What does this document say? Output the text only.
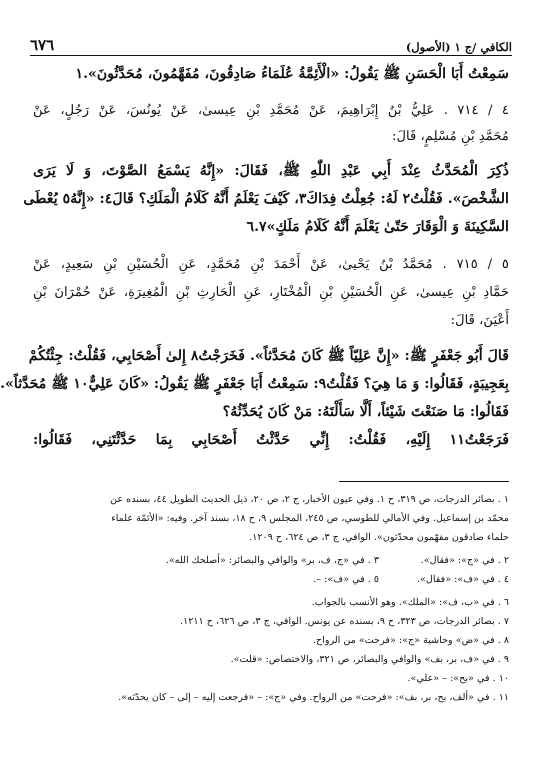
٦٧٦	الكافي /ج ١ (الأصول)
سَمِعْتُ أَبَا الْحَسَنِ ﷺ يَقُولُ: «الْأَئِمَّةُ عُلَمَاءُ صَادِقُونَ، مُفَهَّمُونَ، مُحَدَّثُونَ».١
٤ / ٧١٤ . عَلِيُّ بْنُ إِبْرَاهِيمَ، عَنْ مُحَمَّدِ بْنِ عِيسىٰ، عَنْ يُونُسَ، عَنْ رَجُلٍ، عَنْ
مُحَمَّدِ بْنِ مُسْلِمٍ، قَالَ:
ذُكِرَ الْمُحَدَّثُ عِنْدَ أَبِي عَبْدِ اللّٰهِ ﷺ، فَقَالَ: «إِنَّهُ يَسْمَعُ الصَّوْتَ، وَ لَا يَرَى
الشَّخْصَ». فَقُلْتُ٢ لَهُ: جُعِلْتُ فِدَاكَ٣، كَيْفَ يَعْلَمُ أَنَّهُ كَلَامُ الْمَلَكِ؟ قَالَ٤: «إِنَّهُ٥ يُعْطَى
السَّكِينَةَ وَ الْوَقَارَ حَتّىٰ يَعْلَمَ أَنَّهُ كَلَامُ مَلَكٍ»٦.٧
٥ / ٧١٥ . مُحَمَّدُ بْنُ يَحْيىٰ، عَنْ أَحْمَدَ بْنِ مُحَمَّدٍ، عَنِ الْحُسَيْنِ بْنِ سَعِيدٍ، عَنْ
حَمَّادِ بْنِ عِيسىٰ، عَنِ الْحُسَيْنِ بْنِ الْمُخْتَارِ، عَنِ الْحَارِثِ بْنِ الْمُغِيرَةِ، عَنْ حُمْرَانَ بْنِ
أَعْيَنَ، قَالَ:
قَالَ أَبُو جَعْفَرٍ ﷺ: «إِنَّ عَلِيّاً ﷺ كَانَ مُحَدَّثاً». فَخَرَجْتُ٨ إِلىٰ أَصْحَابِي، فَقُلْتُ: جِئْتُكُمْ
بِعَجِيبَةٍ، فَقَالُوا: وَ مَا هِيَ؟ فَقُلْتُ٩: سَمِعْتُ أَبَا جَعْفَرٍ ﷺ يَقُولُ: «كَانَ عَلِيٌّ١٠ ﷺ مُحَدَّثاً».
فَقَالُوا: مَا صَنَعْتَ شَيْئاً، أَلَّا سَأَلْتَهُ: مَنْ كَانَ يُحَدِّثُهُ؟
فَرَجَعْتُ١١ إِلَيْهِ، فَقُلْتُ: إِنِّي حَدَّثْتُ أَصْحَابِي بِمَا حَدَّثْتَنِي، فَقَالُوا:
١ . بصائر الدرجات، ص ٣١٩، ح ١. وفي عيون الأخبار، ج ٢، ص ٢٠، ذيل الحديث الطويل ٤٤، بسنده عن
محمّد بن إسماعيل. وفي الأمالي للطوسي، ص ٢٤٥، المجلس ٩، ح ١٨، بسند آخر. وفيه: «الأئمّة علماء
حلماء صادقون مفهّمون محدّثون». الوافي، ج ٣، ص ٦٢٤، ح ١٢٠٩.
٢ . في «ج»: «فقال».
٣ . في «ج، ف، بر» والوافي والبصائر: «أصلحك الله».
٤ . في «ف»: «فقال».
٥ . في «ف»: –.
٦ . في «ب، ف»: «الملك». وهو الأنسب بالجواب.
٧ . بصائر الدرجات، ص ٣٢٣، ح ٩، بسنده عن يونس. الوافي، ج ٣، ص ٦٢٦، ح ١٢١١.
٨ . في «ض» وحاشية «ج»: «فرحت» من الرواح.
٩ . في «ف، بر، بف» والوافي والبصائر، ص ٣٢١، والاختصاص: «قلت».
١٠ . في «بح»: – «علي».
١١ . في «ألف، بح، بر، بف»: «فرحت» من الرواح. وفي «ج»: – «فرجعت إليه – إلى – كان يحدّثه».
